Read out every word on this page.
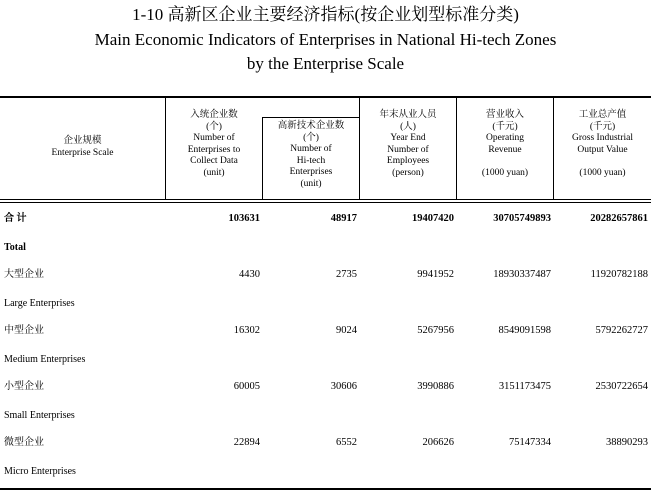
1-10 高新区企业主要经济指标(按企业划型标准分类)
Main Economic Indicators of Enterprises in National Hi-tech Zones
by the Enterprise Scale
企业规模
Enterprise Scale
入统企业数
(个)
Number of
Enterprises to
Collect Data
(unit)
高新技术企业数
(个)
Number of
Hi-tech
Enterprises
(unit)
年末从业人员
(人)
Year End
Number of
Employees
(person)
营业收入
(千元)
Operating
Revenue
(1000 yuan)
工业总产值
(千元)
Gross Industrial
Output Value
(1000 yuan)
合 计
Total
103631	48917	19407420	30705749893	20282657861
大型企业
Large Enterprises
4430	2735	9941952	18930337487	11920782188
中型企业
Medium Enterprises
16302	9024	5267956	8549091598	5792262727
小型企业
Small Enterprises
60005	30606	3990886	3151173475	2530722654
微型企业
Micro Enterprises
22894	6552	206626	75147334	38890293
